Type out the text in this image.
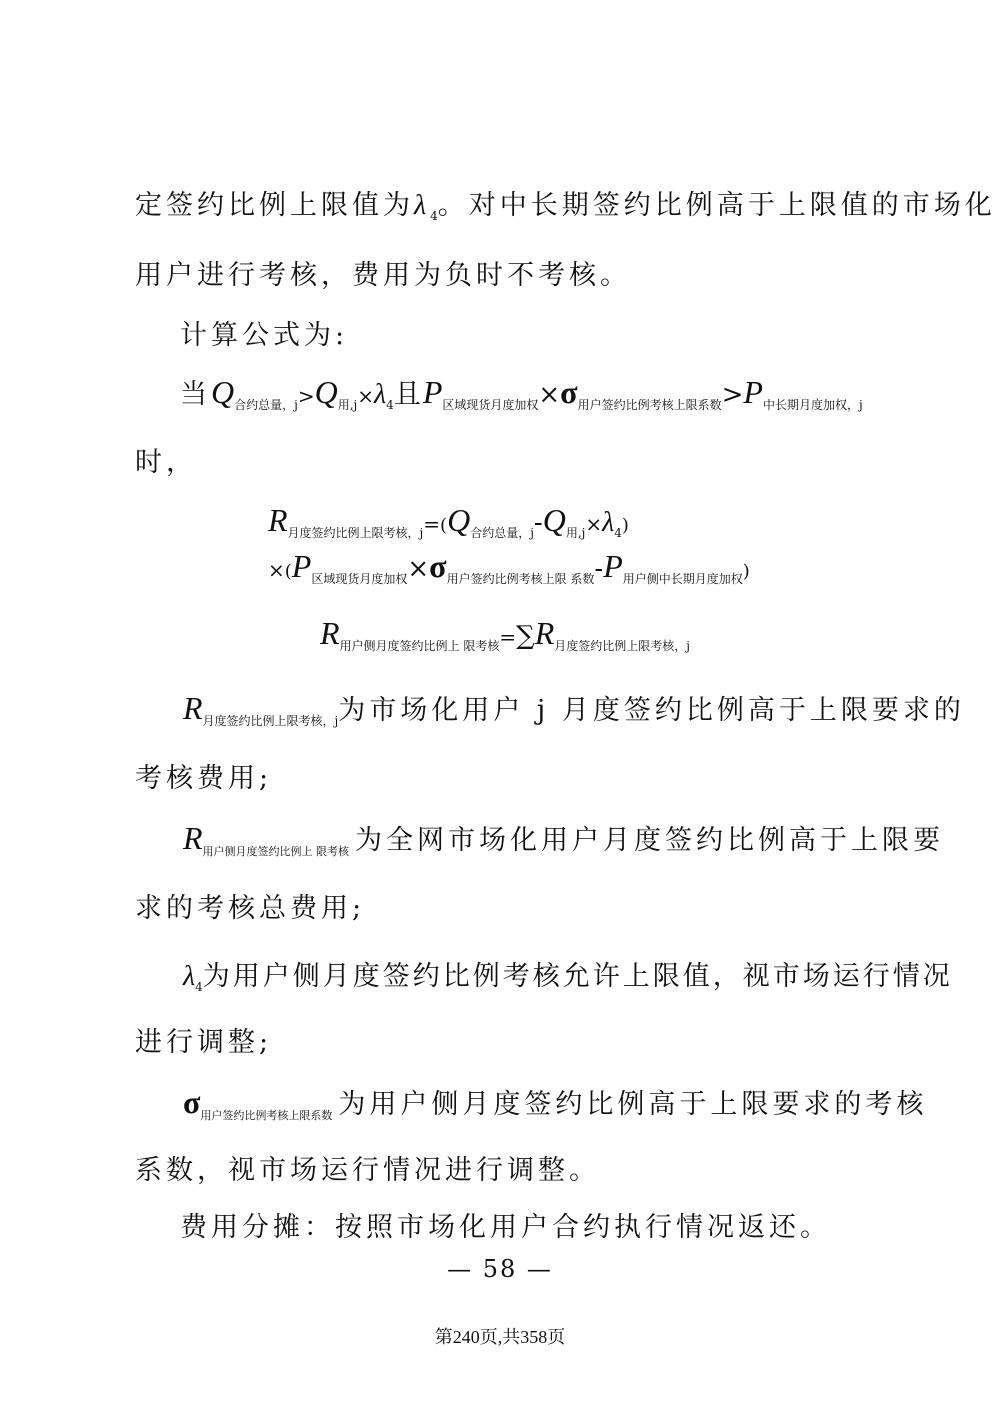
定签约比例上限值为$\lambda_4$。对中长期签约比例高于上限值的市场化
用户进行考核，费用为负时不考核。
计算公式为:
当$Q_{合约总量,j}>Q_{用,j}\times\lambda_4$且$P_{区域现货月度加权}\times\sigma_{用户签约比例考核上限系数}>P_{中长期月度加权,j}$
时，
$R_{月度签约比例上限考核,j}=(Q_{合约总量,j}-Q_{用,j}\times\lambda_4)$
$\times(P_{区域现货月度加权}\times\sigma_{用户签约比例考核上限 系数}-P_{用户侧中长期月度加权})$
$R_{用户侧月度签约比例上 限考核}=\sum R_{月度签约比例上限考核,j}$
$R_{月度签约比例上限考核,j}$为市场化用户 j 月度签约比例高于上限要求的
考核费用;
$R_{用户侧月度签约比例上 限考核}$ 为全网市场化用户月度签约比例高于上限要
求的考核总费用;
$\lambda_4$为用户侧月度签约比例考核允许上限值，视市场运行情况
进行调整;
$\sigma_{用户签约比例考核上限系数}$ 为用户侧月度签约比例高于上限要求的考核
系数，视市场运行情况进行调整。
费用分摊：按照市场化用户合约执行情况返还。
— 58 —
第240页,共358页
